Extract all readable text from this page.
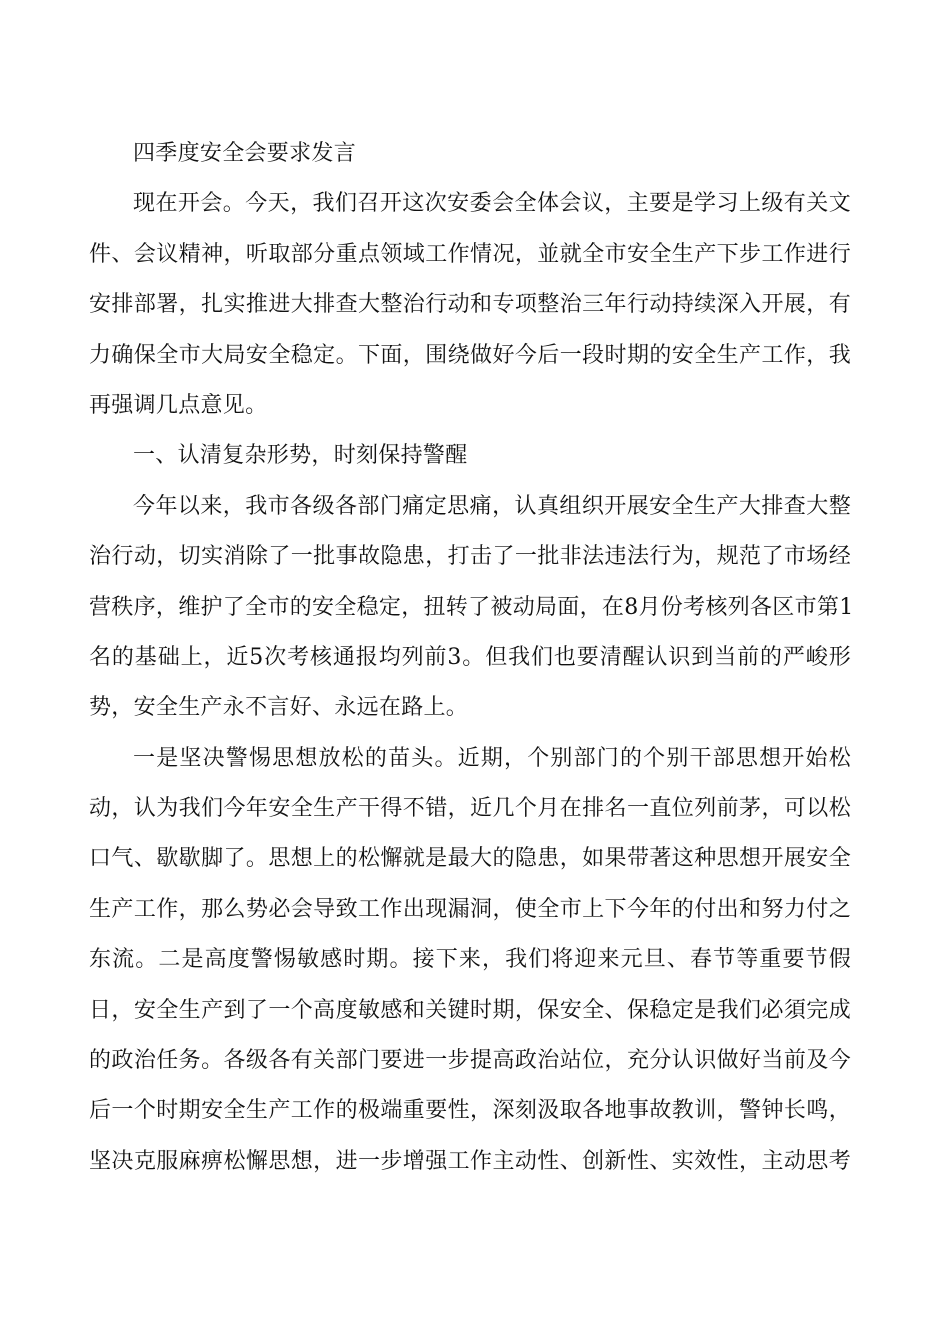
四季度安全会要求发言
现在开会。今天，我们召开这次安委会全体会议，主要是学习上级有关文
件、会议精神，听取部分重点领域工作情况，並就全市安全生产下步工作进行
安排部署，扎实推进大排查大整治行动和专项整治三年行动持续深入开展，有
力确保全市大局安全稳定。下面，围绕做好今后一段时期的安全生产工作，我
再强调几点意见。
一、认清复杂形势，时刻保持警醒
今年以来，我市各级各部门痛定思痛，认真组织开展安全生产大排查大整
治行动，切实消除了一批事故隐患，打击了一批非法违法行为，规范了市场经
营秩序，维护了全市的安全稳定，扭转了被动局面，在8月份考核列各区市第1
名的基础上，近5次考核通报均列前3。但我们也要清醒认识到当前的严峻形
势，安全生产永不言好、永远在路上。
一是坚决警惕思想放松的苗头。近期，个别部门的个别干部思想开始松
动，认为我们今年安全生产干得不错，近几个月在排名一直位列前茅，可以松
口气、歇歇脚了。思想上的松懈就是最大的隐患，如果带著这种思想开展安全
生产工作，那么势必会导致工作出现漏洞，使全市上下今年的付出和努力付之
东流。二是高度警惕敏感时期。接下来，我们将迎来元旦、春节等重要节假
日，安全生产到了一个高度敏感和关键时期，保安全、保稳定是我们必須完成
的政治任务。各级各有关部门要进一步提高政治站位，充分认识做好当前及今
后一个时期安全生产工作的极端重要性，深刻汲取各地事故教训，警钟长鸣，
坚决克服麻痹松懈思想，进一步增强工作主动性、创新性、实效性，主动思考
